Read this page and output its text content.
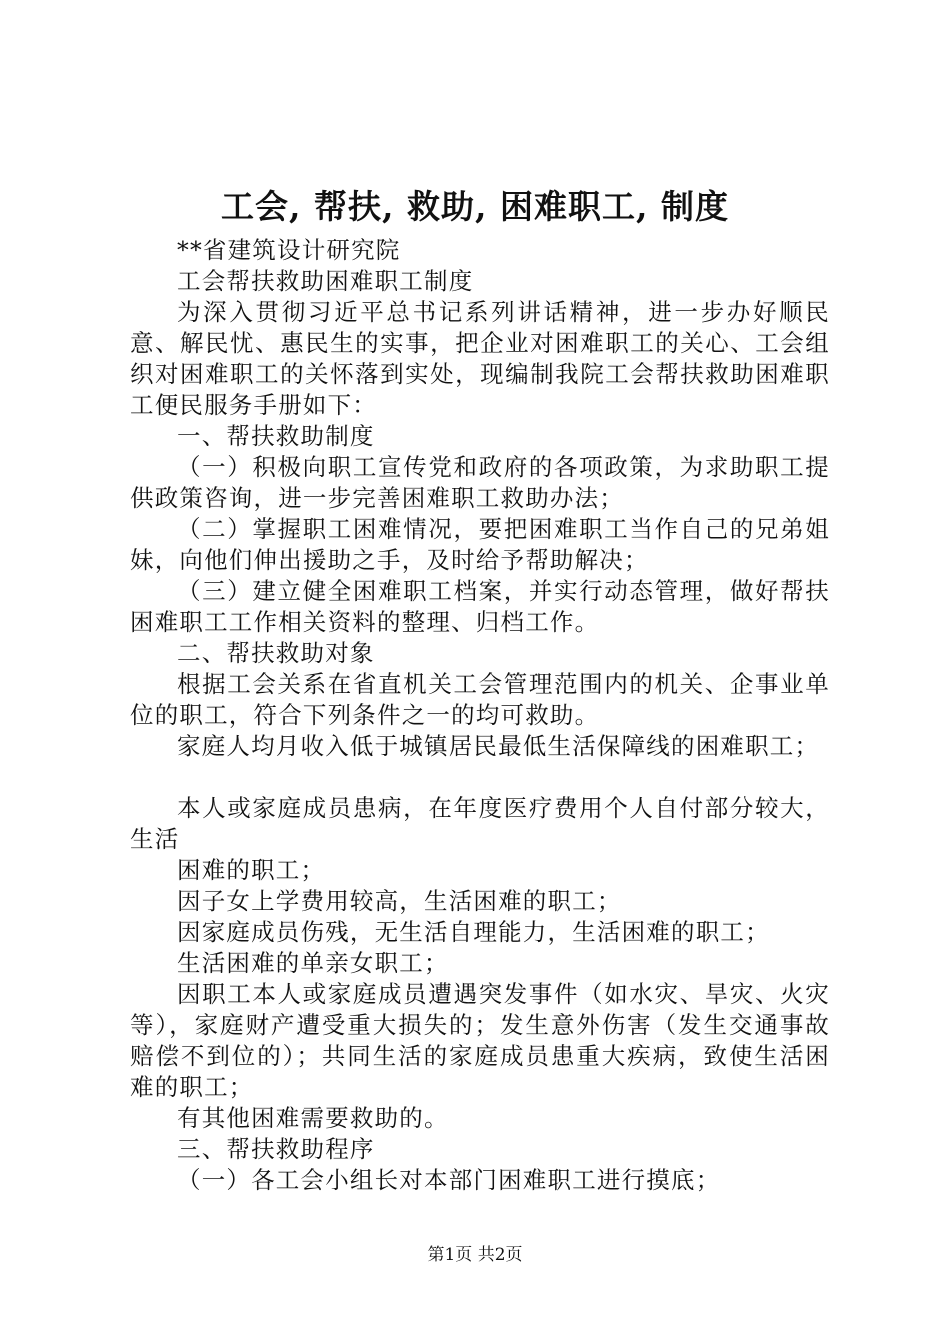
工会, 帮扶, 救助, 困难职工, 制度

**省建筑设计研究院

工会帮扶救助困难职工制度

为深入贯彻习近平总书记系列讲话精神，进一步办好顺民意、解民忧、惠民生的实事，把企业对困难职工的关心、工会组织对困难职工的关怀落到实处，现编制我院工会帮扶救助困难职工便民服务手册如下：

一、帮扶救助制度

（一）积极向职工宣传党和政府的各项政策，为求助职工提供政策咨询，进一步完善困难职工救助办法；

（二）掌握职工困难情况，要把困难职工当作自己的兄弟姐妹，向他们伸出援助之手，及时给予帮助解决；

（三）建立健全困难职工档案，并实行动态管理，做好帮扶困难职工工作相关资料的整理、归档工作。

二、帮扶救助对象

根据工会关系在省直机关工会管理范围内的机关、企事业单位的职工，符合下列条件之一的均可救助。

家庭人均月收入低于城镇居民最低生活保障线的困难职工；

本人或家庭成员患病，在年度医疗费用个人自付部分较大，生活

困难的职工；

因子女上学费用较高，生活困难的职工；

因家庭成员伤残，无生活自理能力，生活困难的职工；

生活困难的单亲女职工；

因职工本人或家庭成员遭遇突发事件（如水灾、旱灾、火灾等），家庭财产遭受重大损失的；发生意外伤害（发生交通事故赔偿不到位的）；共同生活的家庭成员患重大疾病，致使生活困难的职工；

有其他困难需要救助的。

三、帮扶救助程序

（一）各工会小组长对本部门困难职工进行摸底；

第1页 共2页
